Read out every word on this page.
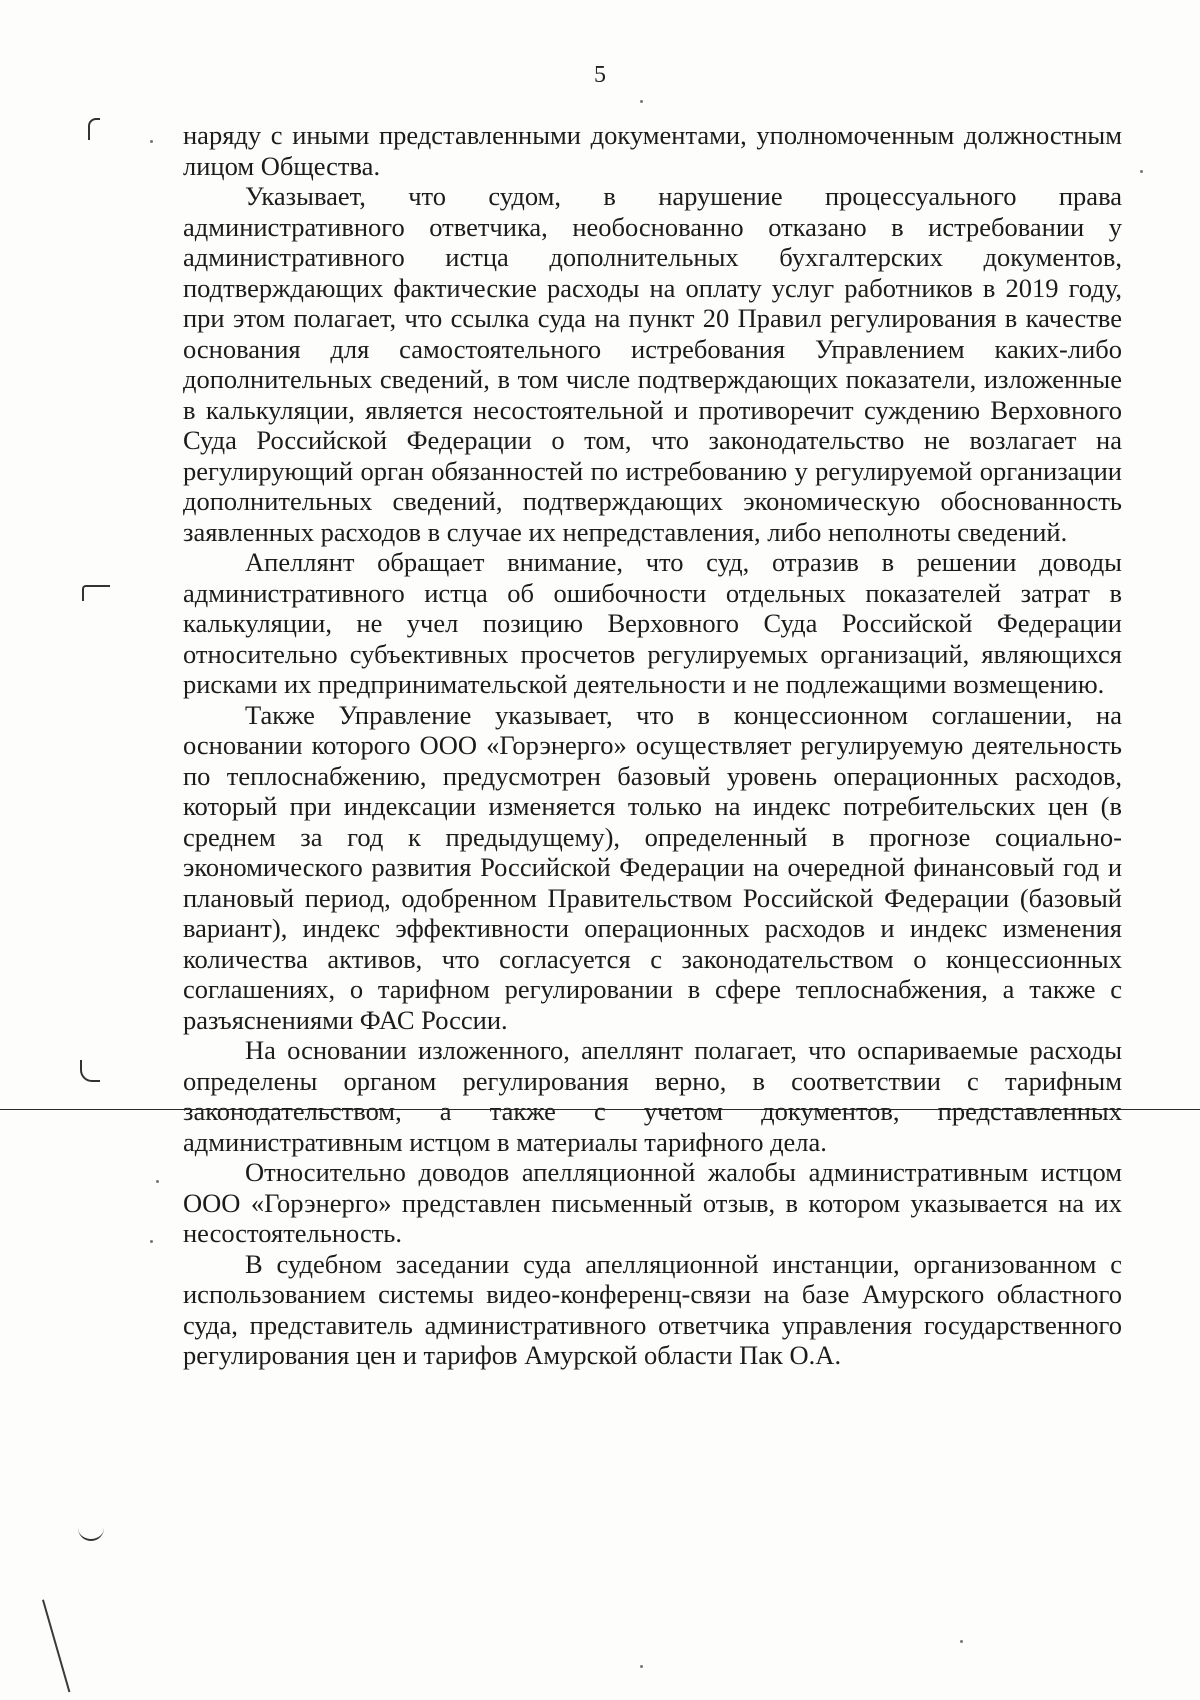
5

наряду с иными представленными документами, уполномоченным должностным лицом Общества.

Указывает, что судом, в нарушение процессуального права административного ответчика, необоснованно отказано в истребовании у административного истца дополнительных бухгалтерских документов, подтверждающих фактические расходы на оплату услуг работников в 2019 году, при этом полагает, что ссылка суда на пункт 20 Правил регулирования в качестве основания для самостоятельного истребования Управлением каких-либо дополнительных сведений, в том числе подтверждающих показатели, изложенные в калькуляции, является несостоятельной и противоречит суждению Верховного Суда Российской Федерации о том, что законодательство не возлагает на регулирующий орган обязанностей по истребованию у регулируемой организации дополнительных сведений, подтверждающих экономическую обоснованность заявленных расходов в случае их непредставления, либо неполноты сведений.

Апеллянт обращает внимание, что суд, отразив в решении доводы административного истца об ошибочности отдельных показателей затрат в калькуляции, не учел позицию Верховного Суда Российской Федерации относительно субъективных просчетов регулируемых организаций, являющихся рисками их предпринимательской деятельности и не подлежащими возмещению.

Также Управление указывает, что в концессионном соглашении, на основании которого ООО «Горэнерго» осуществляет регулируемую деятельность по теплоснабжению, предусмотрен базовый уровень операционных расходов, который при индексации изменяется только на индекс потребительских цен (в среднем за год к предыдущему), определенный в прогнозе социально-экономического развития Российской Федерации на очередной финансовый год и плановый период, одобренном Правительством Российской Федерации (базовый вариант), индекс эффективности операционных расходов и индекс изменения количества активов, что согласуется с законодательством о концессионных соглашениях, о тарифном регулировании в сфере теплоснабжения, а также с разъяснениями ФАС России.

На основании изложенного, апеллянт полагает, что оспариваемые расходы определены органом регулирования верно, в соответствии с тарифным законодательством, а также с учетом документов, представленных административным истцом в материалы тарифного дела.

Относительно доводов апелляционной жалобы административным истцом ООО «Горэнерго» представлен письменный отзыв, в котором указывается на их несостоятельность.

В судебном заседании суда апелляционной инстанции, организованном с использованием системы видео-конференц-связи на базе Амурского областного суда, представитель административного ответчика управления государственного регулирования цен и тарифов Амурской области Пак О.А.
